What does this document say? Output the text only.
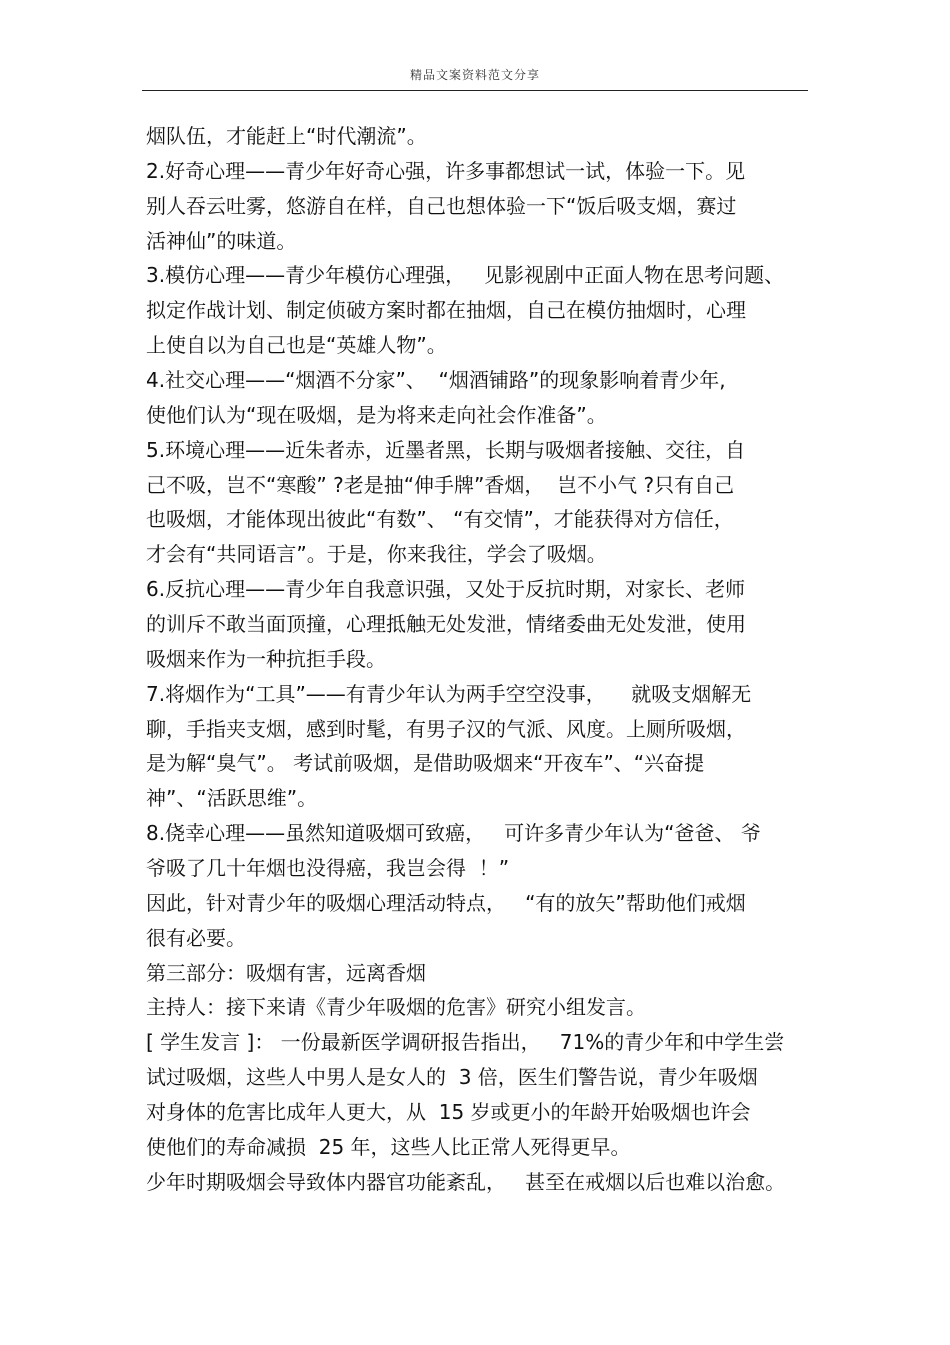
精品文案资料范文分享
烟队伍，才能赶上“时代潮流”。
2.好奇心理——青少年好奇心强，许多事都想试一试，体验一下。见
别人吞云吐雾，悠游自在样，自己也想体验一下“饭后吸支烟，赛过
活神仙”的味道。
3.模仿心理——青少年模仿心理强，   见影视剧中正面人物在思考问题、
拟定作战计划、制定侦破方案时都在抽烟，自己在模仿抽烟时，心理
上使自以为自己也是“英雄人物”。
4.社交心理——“烟酒不分家”、  “烟酒铺路”的现象影响着青少年,
使他们认为“现在吸烟，是为将来走向社会作准备”。
5.环境心理——近朱者赤，近墨者黑，长期与吸烟者接触、交往，自
己不吸，岂不“寒酸” ?老是抽“伸手牌”香烟，  岂不小气 ?只有自己
也吸烟，才能体现出彼此“有数”、 “有交情”，才能获得对方信任，
才会有“共同语言”。于是，你来我往，学会了吸烟。
6.反抗心理——青少年自我意识强，又处于反抗时期，对家长、老师
的训斥不敢当面顶撞，心理抵触无处发泄，情绪委曲无处发泄，使用
吸烟来作为一种抗拒手段。
7.将烟作为“工具”——有青少年认为两手空空没事，    就吸支烟解无
聊，手指夹支烟，感到时髦，有男子汉的气派、风度。上厕所吸烟，
是为解“臭气”。 考试前吸烟，是借助吸烟来“开夜车”、“兴奋提
神”、“活跃思维”。
8.侥幸心理——虽然知道吸烟可致癌，   可许多青少年认为“爸爸、 爷
爷吸了几十年烟也没得癌，我岂会得  ！”
因此，针对青少年的吸烟心理活动特点，   “有的放矢”帮助他们戒烟
很有必要。
第三部分：吸烟有害，远离香烟
主持人：接下来请《青少年吸烟的危害》研究小组发言。
[ 学生发言 ]： 一份最新医学调研报告指出，   71%的青少年和中学生尝
试过吸烟，这些人中男人是女人的  3 倍，医生们警告说，青少年吸烟
对身体的危害比成年人更大，从  15 岁或更小的年龄开始吸烟也许会
使他们的寿命减损  25 年，这些人比正常人死得更早。
少年时期吸烟会导致体内器官功能紊乱，   甚至在戒烟以后也难以治愈。
